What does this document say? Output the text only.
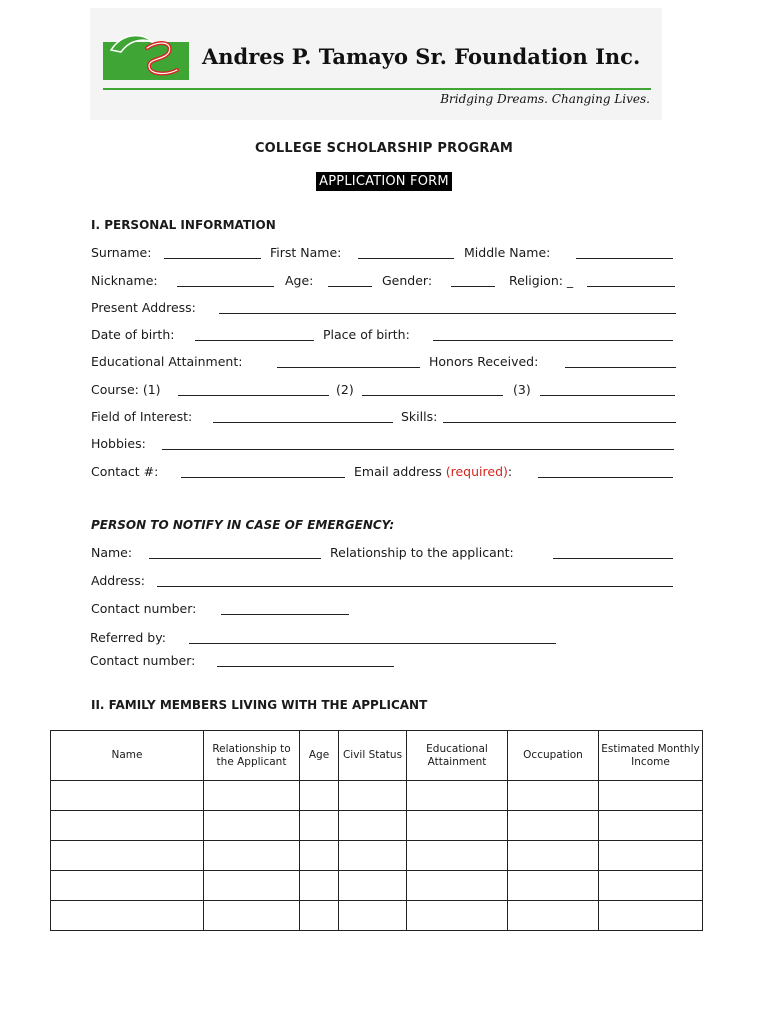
Andres P. Tamayo Sr. Foundation Inc.
Bridging Dreams. Changing Lives.
COLLEGE SCHOLARSHIP PROGRAM
APPLICATION FORM
I. PERSONAL INFORMATION
Surname:	First Name:	Middle Name:
Nickname:	Age:	Gender:	Religion: _
Present Address:
Date of birth:	Place of birth:
Educational Attainment:	Honors Received:
Course: (1)	(2)	(3)
Field of Interest:	Skills:
Hobbies:
Contact #:	Email address (required):
PERSON TO NOTIFY IN CASE OF EMERGENCY:
Name:	Relationship to the applicant:
Address:
Contact number:
Referred by:
Contact number:
II. FAMILY MEMBERS LIVING WITH THE APPLICANT
Name	Relationship to the Applicant	Age	Civil Status	Educational Attainment	Occupation	Estimated Monthly Income
